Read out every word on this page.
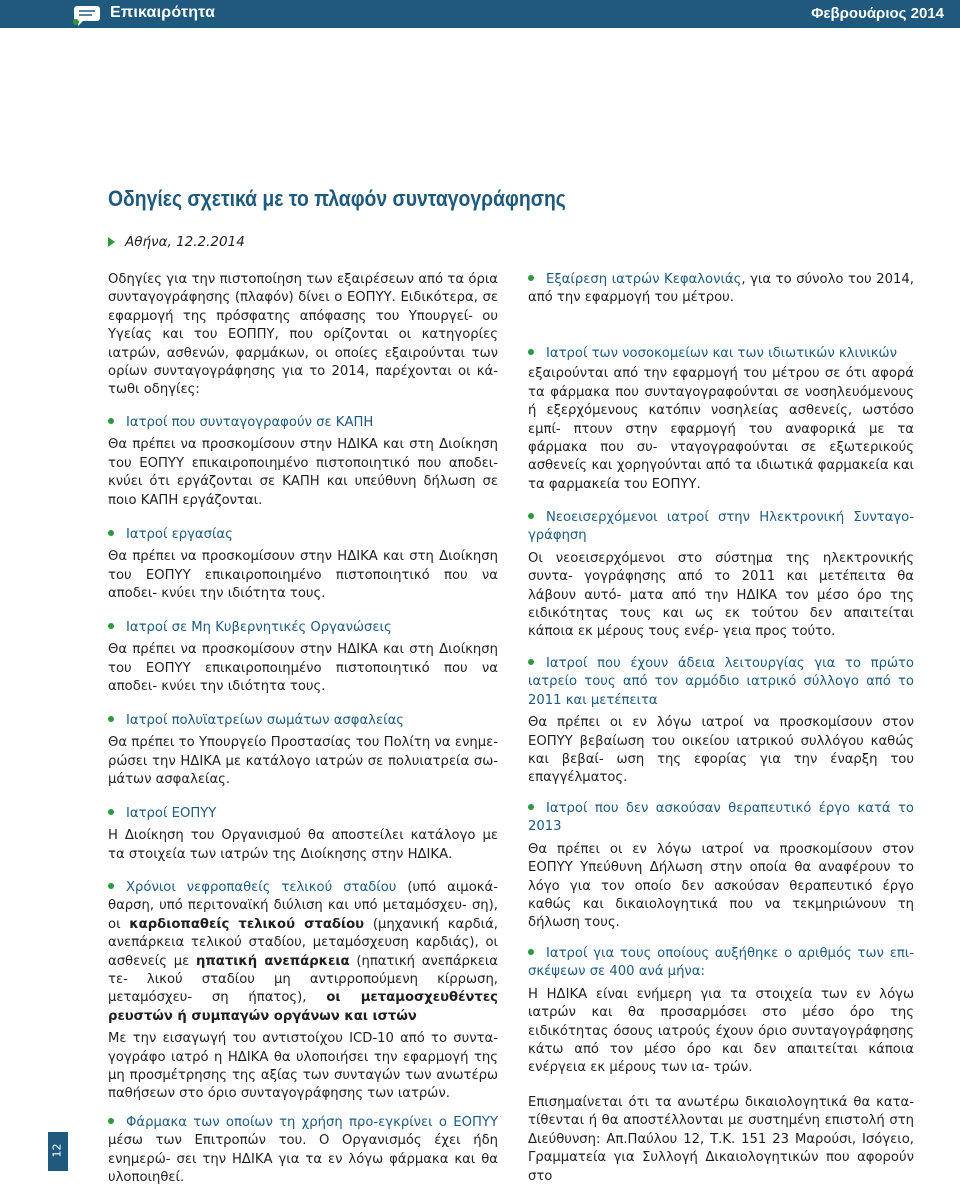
Επικαιρότητα	Φεβρουάριος 2014
Οδηγίες σχετικά με το πλαφόν συνταγογράφησης
Αθήνα, 12.2.2014

Οδηγίες για την πιστοποίηση των εξαιρέσεων από τα όρια συνταγογράφησης (πλαφόν) δίνει ο ΕΟΠΥΥ. Ειδικότερα, σε εφαρμογή της πρόσφατης απόφασης του Υπουργεί- ου Υγείας και του ΕΟΠΠΥ, που ορίζονται οι κατηγορίες ιατρών, ασθενών, φαρμάκων, οι οποίες εξαιρούνται των ορίων συνταγογράφησης για το 2014, παρέχονται οι κά- τωθι οδηγίες:

Ιατροί που συνταγογραφούν σε ΚΑΠΗ

Θα πρέπει να προσκομίσουν στην ΗΔΙΚΑ και στη Διοίκηση του ΕΟΠΥΥ επικαιροποιημένο πιστοποιητικό που αποδει- κνύει ότι εργάζονται σε ΚΑΠΗ και υπεύθυνη δήλωση σε ποιο ΚΑΠΗ εργάζονται.

Ιατροί εργασίας

Θα πρέπει να προσκομίσουν στην ΗΔΙΚΑ και στη Διοίκηση του ΕΟΠΥΥ επικαιροποιημένο πιστοποιητικό που να αποδει- κνύει την ιδιότητα τους.

Ιατροί σε Μη Κυβερνητικές Οργανώσεις

Θα πρέπει να προσκομίσουν στην ΗΔΙΚΑ και στη Διοίκηση του ΕΟΠΥΥ επικαιροποιημένο πιστοποιητικό που να αποδει- κνύει την ιδιότητα τους.

Ιατροί πολυϊατρείων σωμάτων ασφαλείας

Θα πρέπει το Υπουργείο Προστασίας του Πολίτη να ενημε- ρώσει την ΗΔΙΚΑ με κατάλογο ιατρών σε πολυιατρεία σω- μάτων ασφαλείας.

Ιατροί ΕΟΠΥΥ

Η Διοίκηση του Οργανισμού θα αποστείλει κατάλογο με τα στοιχεία των ιατρών της Διοίκησης στην ΗΔΙΚΑ.

Χρόνιοι νεφροπαθείς τελικού σταδίου (υπό αιμοκά- θαρση, υπό περιτοναϊκή διύλιση και υπό μεταμόσχευ- ση), οι καρδιοπαθείς τελικού σταδίου (μηχανική καρδιά, ανεπάρκεια τελικού σταδίου, μεταμόσχευση καρδιάς), οι ασθενείς με ηπατική ανεπάρκεια (ηπατική ανεπάρκεια τε- λικού σταδίου μη αντιρροπούμενη κίρρωση, μεταμόσχευ- ση ήπατος), οι μεταμοσχευθέντες ρευστών ή συμπαγών οργάνων και ιστών

Με την εισαγωγή του αντιστοίχου ICD-10 από το συντα- γογράφο ιατρό η ΗΔΙΚΑ θα υλοποιήσει την εφαρμογή της μη προσμέτρησης της αξίας των συνταγών των ανωτέρω παθήσεων στο όριο συνταγογράφησης των ιατρών.

Φάρμακα των οποίων τη χρήση προ-εγκρίνει ο ΕΟΠΥΥ μέσω των Επιτροπών του. Ο Οργανισμός έχει ήδη ενημερώ- σει την ΗΔΙΚΑ για τα εν λόγω φάρμακα και θα υλοποιηθεί.

Εξαίρεση ιατρών Κεφαλονιάς, για το σύνολο του 2014, από την εφαρμογή του μέτρου.

Ιατροί των νοσοκομείων και των ιδιωτικών κλινικών

εξαιρούνται από την εφαρμογή του μέτρου σε ότι αφορά τα φάρμακα που συνταγογραφούνται σε νοσηλευόμενους ή εξερχόμενους κατόπιν νοσηλείας ασθενείς, ωστόσο εμπί- πτουν στην εφαρμογή του αναφορικά με τα φάρμακα που συ- νταγογραφούνται σε εξωτερικούς ασθενείς και χορηγούνται από τα ιδιωτικά φαρμακεία και τα φαρμακεία του ΕΟΠΥΥ.

Νεοεισερχόμενοι ιατροί στην Ηλεκτρονική Συνταγο- γράφηση

Οι νεοεισερχόμενοι στο σύστημα της ηλεκτρονικής συντα- γογράφησης από το 2011 και μετέπειτα θα λάβουν αυτό- ματα από την ΗΔΙΚΑ τον μέσο όρο της ειδικότητας τους και ως εκ τούτου δεν απαιτείται κάποια εκ μέρους τους ενέρ- γεια προς τούτο.

Ιατροί που έχουν άδεια λειτουργίας για το πρώτο ιατρείο τους από τον αρμόδιο ιατρικό σύλλογο από το 2011 και μετέπειτα

Θα πρέπει οι εν λόγω ιατροί να προσκομίσουν στον ΕΟΠΥΥ βεβαίωση του οικείου ιατρικού συλλόγου καθώς και βεβαί- ωση της εφορίας για την έναρξη του επαγγέλματος.

Ιατροί που δεν ασκούσαν θεραπευτικό έργο κατά το 2013

Θα πρέπει οι εν λόγω ιατροί να προσκομίσουν στον ΕΟΠΥΥ Υπεύθυνη Δήλωση στην οποία θα αναφέρουν το λόγο για τον οποίο δεν ασκούσαν θεραπευτικό έργο καθώς και δικαιολογητικά που να τεκμηριώνουν τη δήλωση τους.

Ιατροί για τους οποίους αυξήθηκε ο αριθμός των επι- σκέψεων σε 400 ανά μήνα:

Η ΗΔΙΚΑ είναι ενήμερη για τα στοιχεία των εν λόγω ιατρών και θα προσαρμόσει στο μέσο όρο της ειδικότητας όσους ιατρούς έχουν όριο συνταγογράφησης κάτω από τον μέσο όρο και δεν απαιτείται κάποια ενέργεια εκ μέρους των ια- τρών.

Επισημαίνεται ότι τα ανωτέρω δικαιολογητικά θα κατα- τίθενται ή θα αποστέλλονται με συστημένη επιστολή στη Διεύθυνση: Απ.Παύλου 12, Τ.Κ. 151 23 Μαρούσι, Ισόγειο, Γραμματεία για Συλλογή Δικαιολογητικών που αφορούν στο

12
